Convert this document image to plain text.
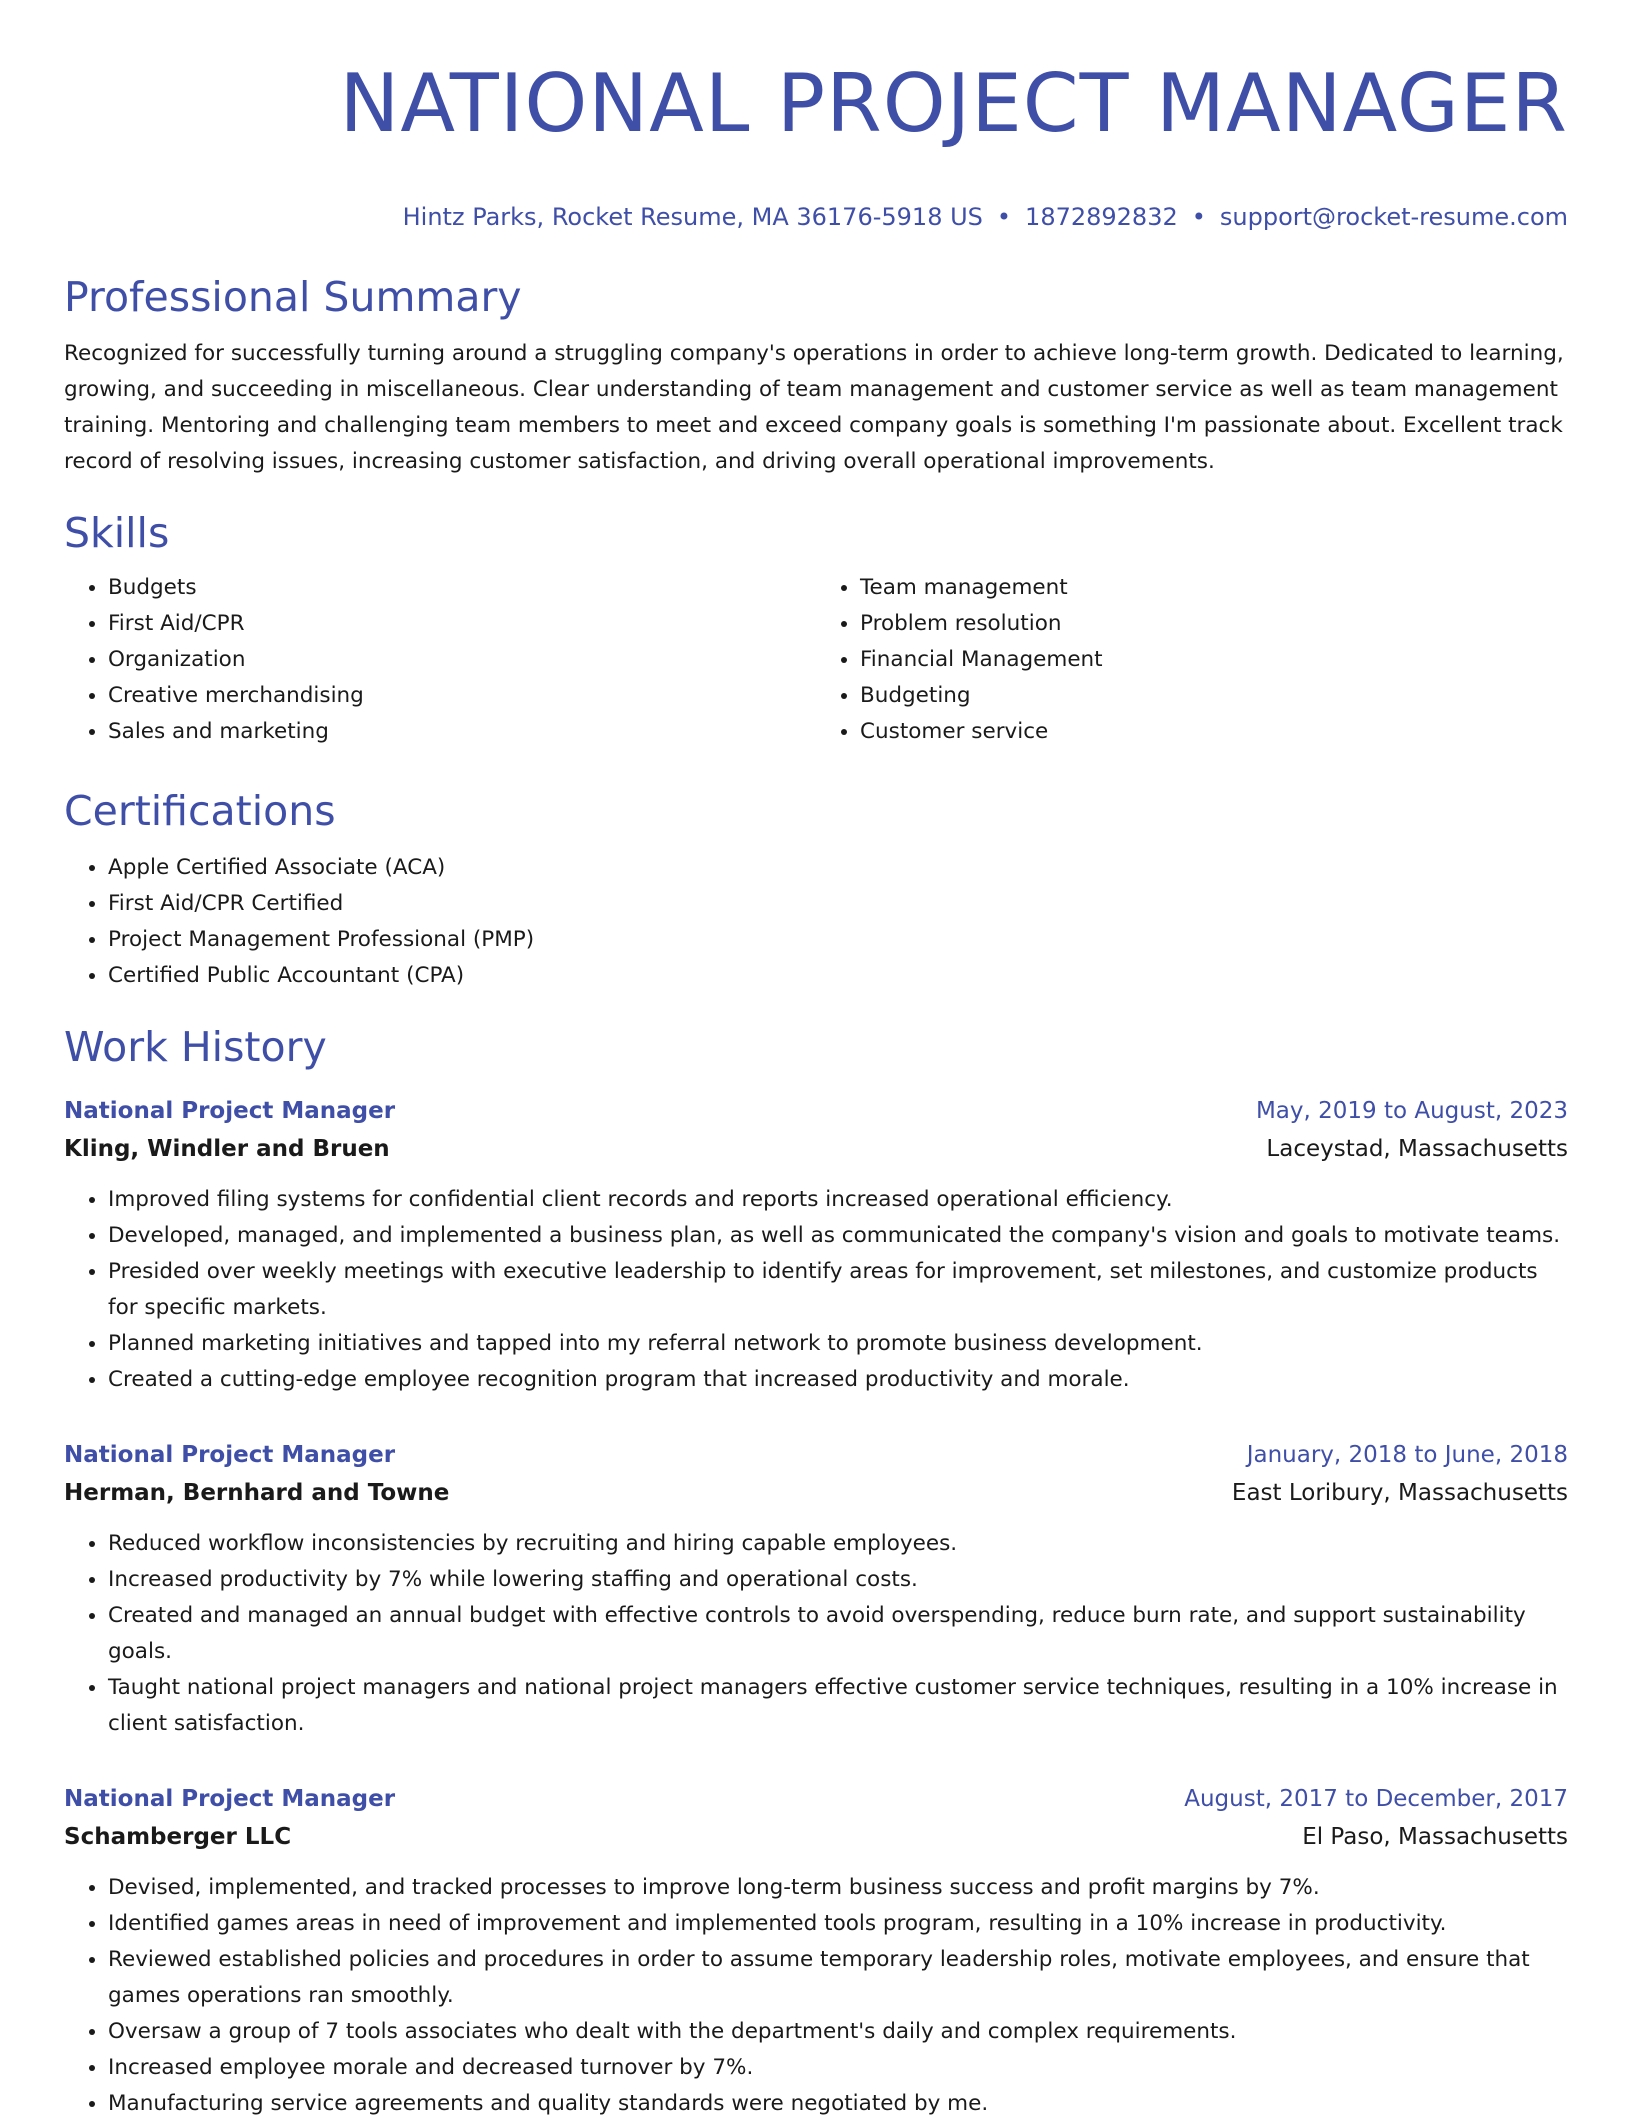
NATIONAL PROJECT MANAGER
Hintz Parks, Rocket Resume, MA 36176-5918 US • 1872892832 • support@rocket-resume.com
Professional Summary

Recognized for successfully turning around a struggling company's operations in order to achieve long-term growth. Dedicated to learning, growing, and succeeding in miscellaneous. Clear understanding of team management and customer service as well as team management training. Mentoring and challenging team members to meet and exceed company goals is something I'm passionate about. Excellent track record of resolving issues, increasing customer satisfaction, and driving overall operational improvements.

Skills
• Budgets
• First Aid/CPR
• Organization
• Creative merchandising
• Sales and marketing
• Team management
• Problem resolution
• Financial Management
• Budgeting
• Customer service
Certifications
• Apple Certified Associate (ACA)
• First Aid/CPR Certified
• Project Management Professional (PMP)
• Certified Public Accountant (CPA)
Work History
National Project Manager	May, 2019 to August, 2023
Kling, Windler and Bruen	Laceystad, Massachusetts
• Improved filing systems for confidential client records and reports increased operational efficiency.
• Developed, managed, and implemented a business plan, as well as communicated the company's vision and goals to motivate teams.
• Presided over weekly meetings with executive leadership to identify areas for improvement, set milestones, and customize products for specific markets.
• Planned marketing initiatives and tapped into my referral network to promote business development.
• Created a cutting-edge employee recognition program that increased productivity and morale.
National Project Manager	January, 2018 to June, 2018
Herman, Bernhard and Towne	East Loribury, Massachusetts
• Reduced workflow inconsistencies by recruiting and hiring capable employees.
• Increased productivity by 7% while lowering staffing and operational costs.
• Created and managed an annual budget with effective controls to avoid overspending, reduce burn rate, and support sustainability goals.
• Taught national project managers and national project managers effective customer service techniques, resulting in a 10% increase in client satisfaction.
National Project Manager	August, 2017 to December, 2017
Schamberger LLC	El Paso, Massachusetts
• Devised, implemented, and tracked processes to improve long-term business success and profit margins by 7%.
• Identified games areas in need of improvement and implemented tools program, resulting in a 10% increase in productivity.
• Reviewed established policies and procedures in order to assume temporary leadership roles, motivate employees, and ensure that games operations ran smoothly.
• Oversaw a group of 7 tools associates who dealt with the department's daily and complex requirements.
• Increased employee morale and decreased turnover by 7%.
• Manufacturing service agreements and quality standards were negotiated by me.
